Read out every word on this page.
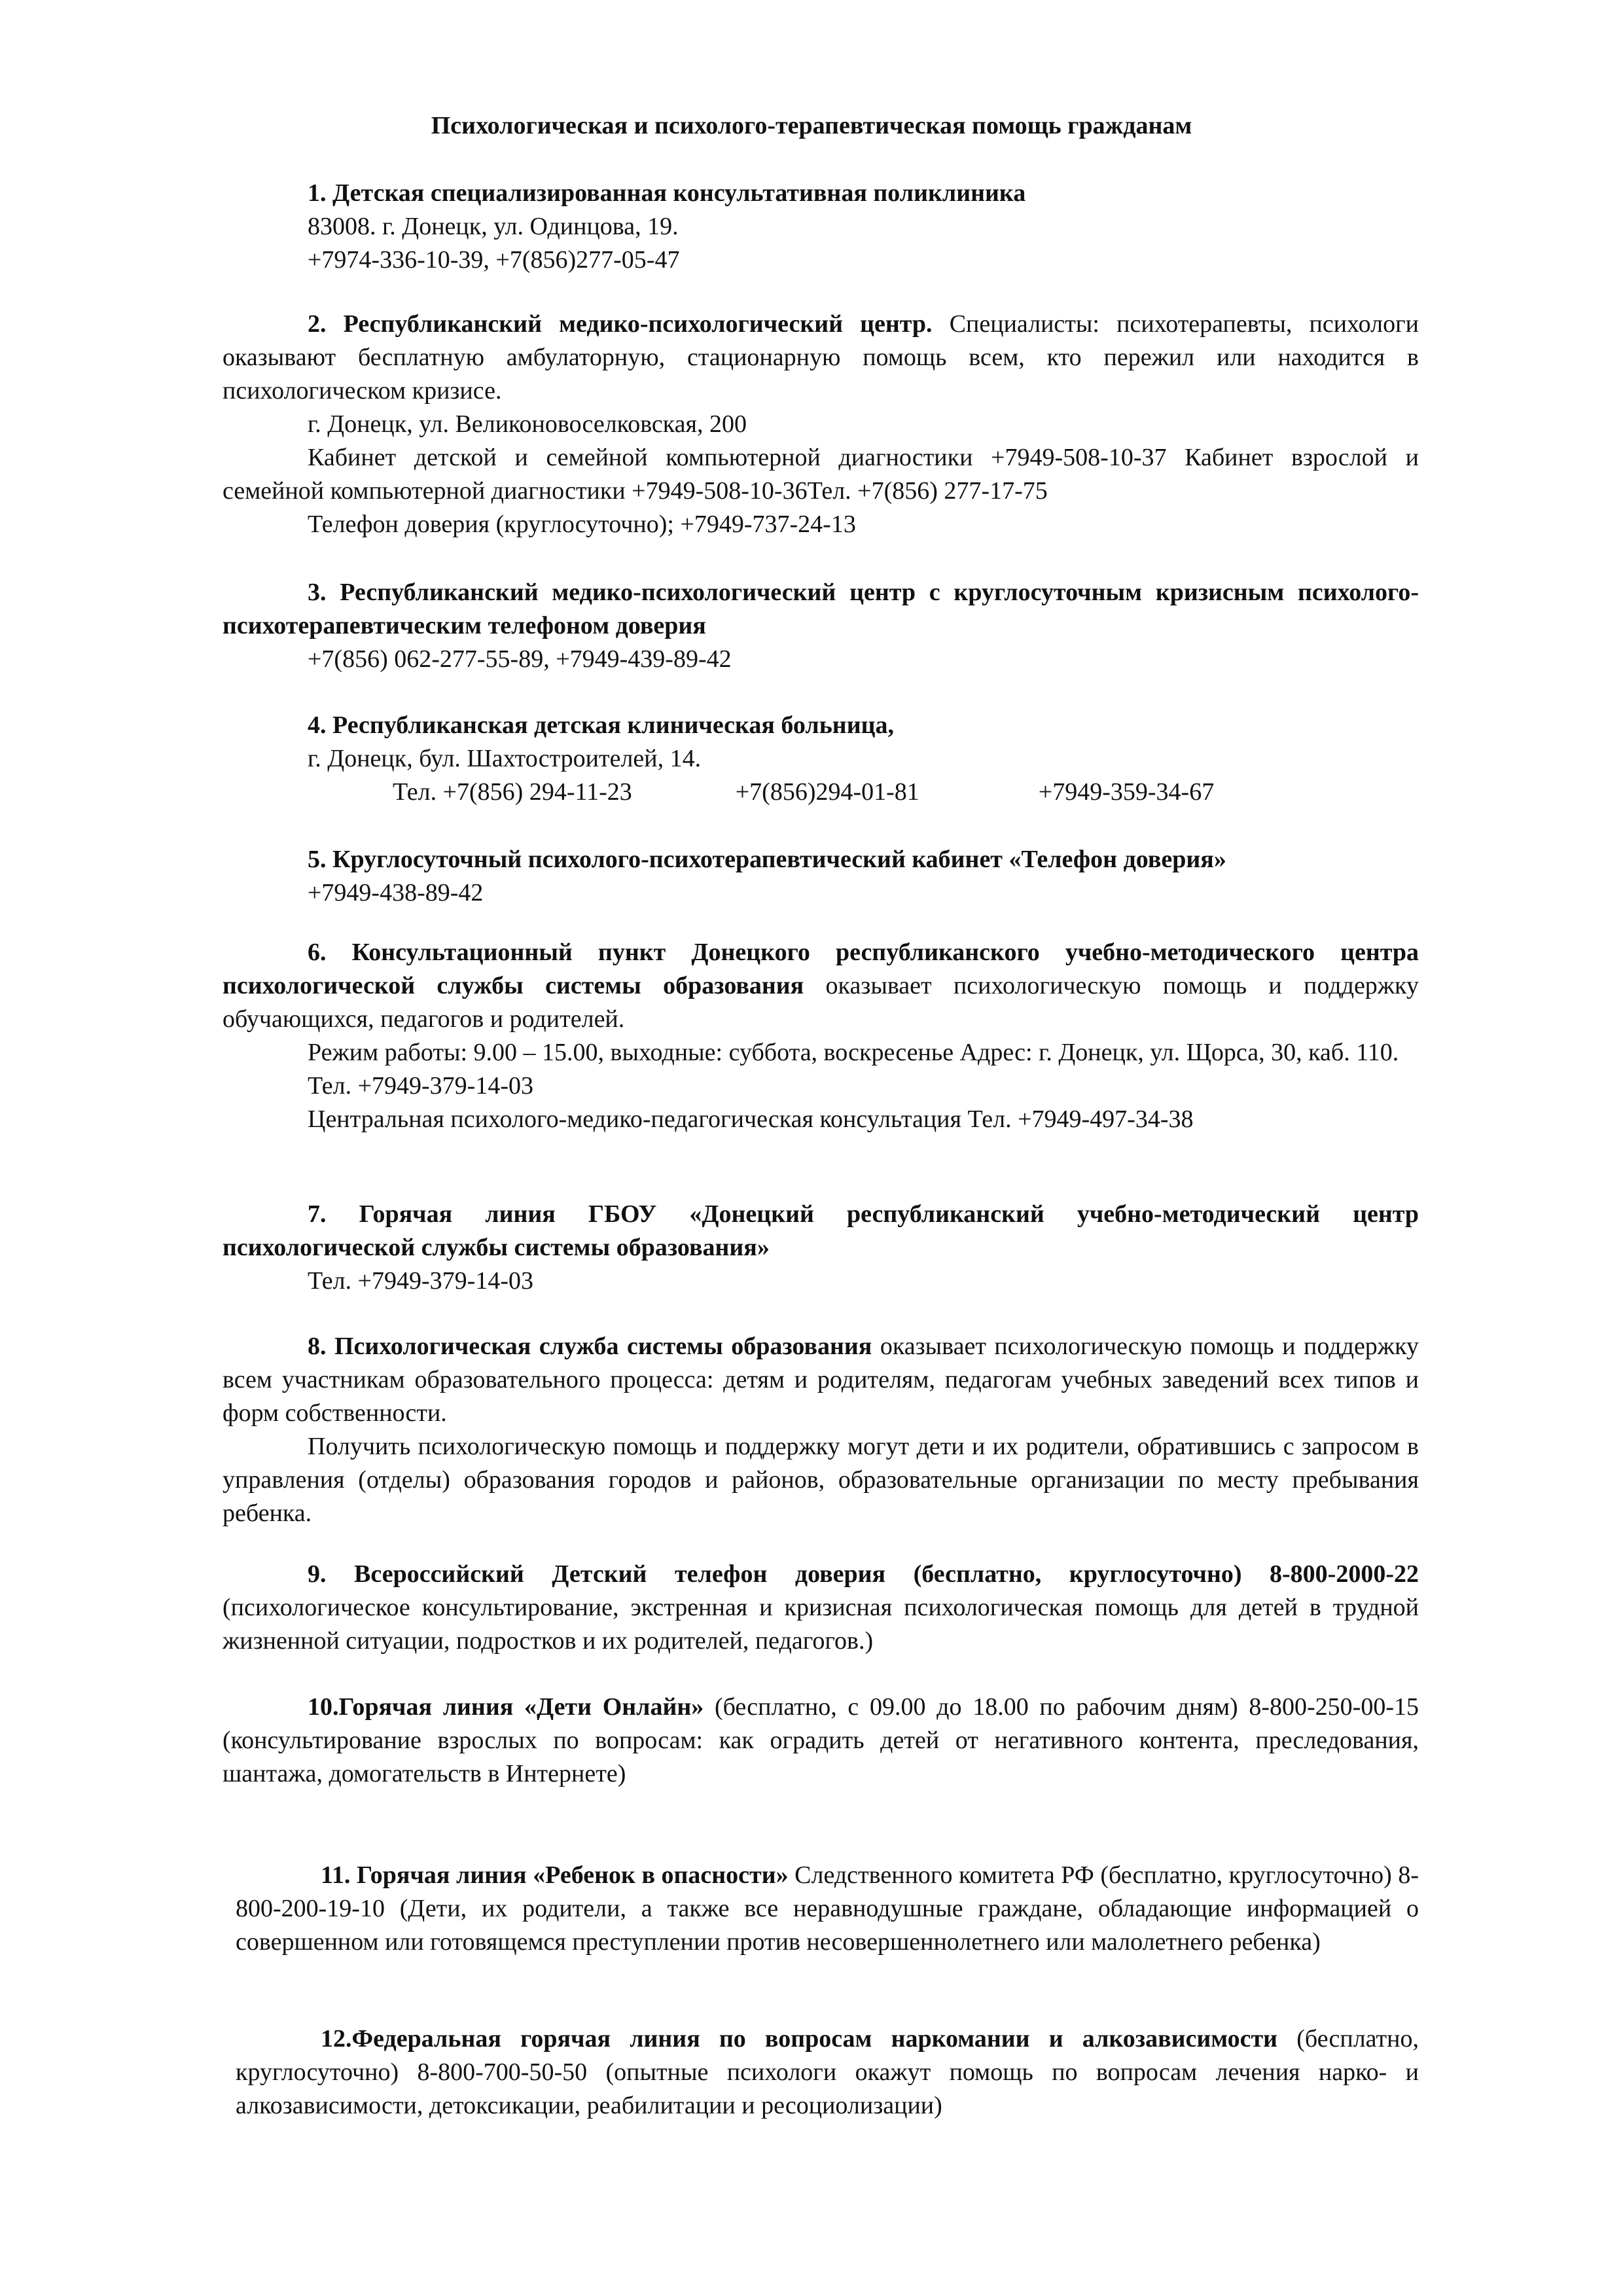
Психологическая и психолого-терапевтическая помощь гражданам

1. Детская специализированная консультативная поликлиника

83008. г. Донецк, ул. Одинцова, 19.

+7974-336-10-39, +7(856)277-05-47

2. Республиканский медико-психологический центр. Специалисты: психотерапевты, психологи оказывают бесплатную амбулаторную, стационарную помощь всем, кто пережил или находится в психологическом кризисе.

г. Донецк, ул. Великоновоселковская, 200

Кабинет детской и семейной компьютерной диагностики +7949-508-10-37 Кабинет взрослой и семейной компьютерной диагностики +7949-508-10-36Тел. +7(856) 277-17-75

Телефон доверия (круглосуточно); +7949-737-24-13

3. Республиканский медико-психологический центр с круглосуточным кризисным психолого-психотерапевтическим телефоном доверия

+7(856) 062-277-55-89, +7949-439-89-42

4. Республиканская детская клиническая больница,

г. Донецк, бул. Шахтостроителей, 14.

Тел. +7(856) 294-11-23	+7(856)294-01-81	+7949-359-34-67

5. Круглосуточный психолого-психотерапевтический кабинет «Телефон доверия»

+7949-438-89-42

6. Консультационный пункт Донецкого республиканского учебно-методического центра психологической службы системы образования оказывает психологическую помощь и поддержку обучающихся, педагогов и родителей.

Режим работы: 9.00 – 15.00, выходные: суббота, воскресенье Адрес: г. Донецк, ул. Щорса, 30, каб. 110.

Тел. +7949-379-14-03

Центральная психолого-медико-педагогическая консультация Тел. +7949-497-34-38

7. Горячая линия ГБОУ «Донецкий республиканский учебно-методический центр психологической службы системы образования»

Тел. +7949-379-14-03

8. Психологическая служба системы образования оказывает психологическую помощь и поддержку всем участникам образовательного процесса: детям и родителям, педагогам учебных заведений всех типов и форм собственности.

Получить психологическую помощь и поддержку могут дети и их родители, обратившись с запросом в управления (отделы) образования городов и районов, образовательные организации по месту пребывания ребенка.

9. Всероссийский Детский телефон доверия (бесплатно, круглосуточно) 8-800-2000-22 (психологическое консультирование, экстренная и кризисная психологическая помощь для детей в трудной жизненной ситуации, подростков и их родителей, педагогов.)

10.Горячая линия «Дети Онлайн» (бесплатно, с 09.00 до 18.00 по рабочим дням) 8-800-250-00-15 (консультирование взрослых по вопросам: как оградить детей от негативного контента, преследования, шантажа, домогательств в Интернете)

11. Горячая линия «Ребенок в опасности» Следственного комитета РФ (бесплатно, круглосуточно) 8-800-200-19-10 (Дети, их родители, а также все неравнодушные граждане, обладающие информацией о совершенном или готовящемся преступлении против несовершеннолетнего или малолетнего ребенка)

12.Федеральная горячая линия по вопросам наркомании и алкозависимости (бесплатно, круглосуточно) 8-800-700-50-50 (опытные психологи окажут помощь по вопросам лечения нарко- и алкозависимости, детоксикации, реабилитации и ресоциолизации)
